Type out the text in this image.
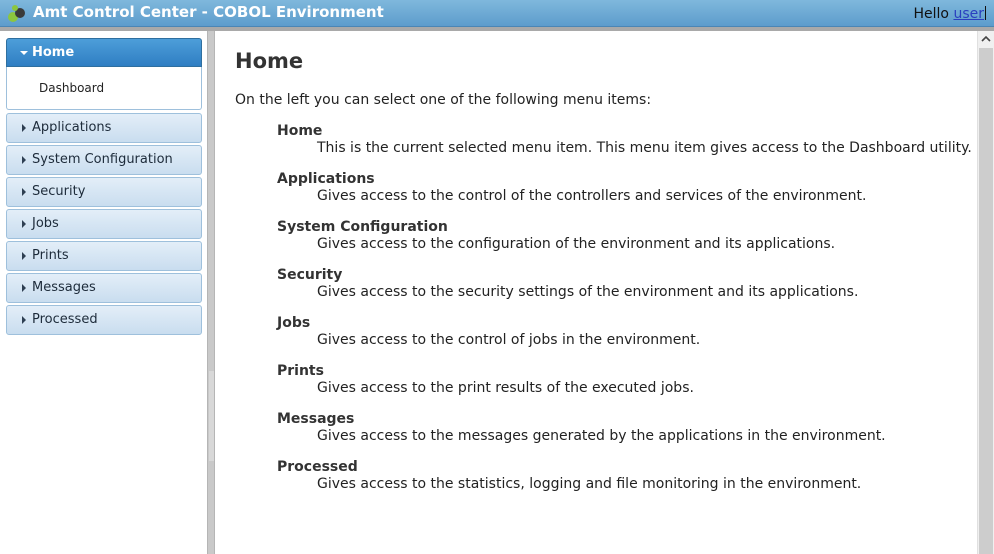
Amt Control Center - COBOL Environment	Hello user
Home
Dashboard
Applications
System Configuration
Security
Jobs
Prints
Messages
Processed
Home
On the left you can select one of the following menu items:
Home
This is the current selected menu item. This menu item gives access to the Dashboard utility.
Applications
Gives access to the control of the controllers and services of the environment.
System Configuration
Gives access to the configuration of the environment and its applications.
Security
Gives access to the security settings of the environment and its applications.
Jobs
Gives access to the control of jobs in the environment.
Prints
Gives access to the print results of the executed jobs.
Messages
Gives access to the messages generated by the applications in the environment.
Processed
Gives access to the statistics, logging and file monitoring in the environment.
